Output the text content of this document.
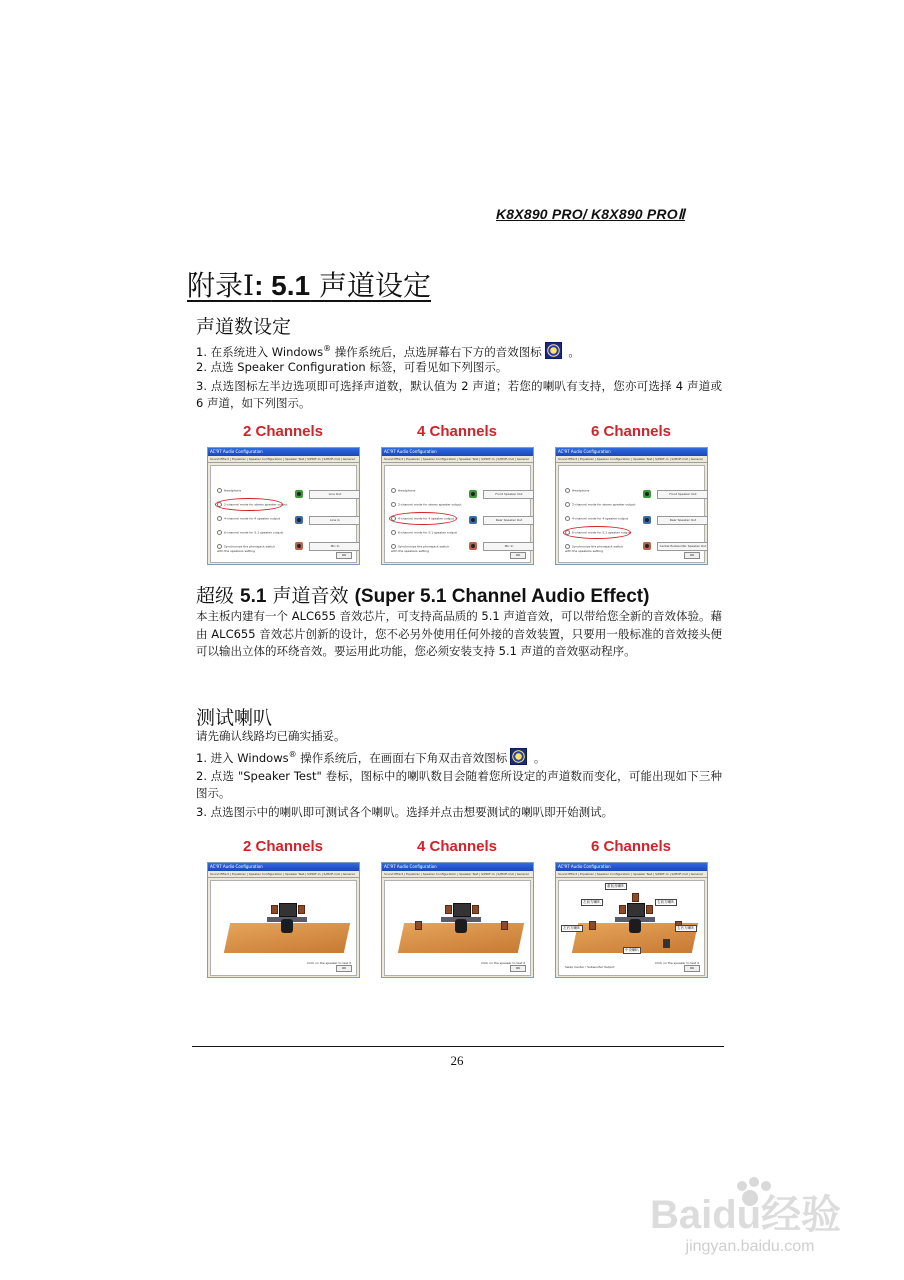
K8X890 PRO/ K8X890 PROⅡ
附录Ⅰ: 5.1 声道设定
声道数设定
1. 在系统进入 Windows® 操作系统后，点选屏幕右下方的音效图标 。
2. 点选 Speaker Configuration 标签，可看见如下列图示。
3. 点选图标左半边选项即可选择声道数，默认值为 2 声道；若您的喇叭有支持，您亦可选择 4 声道或 6 声道，如下列图示。
2 Channels	4 Channels	6 Channels
AC'97 Audio Configuration
Sound Effect | Equalizer | Speaker Configuration | Speaker Test | S/PDIF-In | S/PDIF-Out | General
Headphone
2-channel mode for stereo speaker output
4-channel mode for 4 speaker output
6-channel mode for 5.1 speaker output
Synchronize the phonejack switch with the speakers setting
Line Out
Line In
Mic In
OK
AC'97 Audio Configuration
Sound Effect | Equalizer | Speaker Configuration | Speaker Test | S/PDIF-In | S/PDIF-Out | General
Headphone
2-channel mode for stereo speaker output
4-channel mode for 4 speaker output
6-channel mode for 5.1 speaker output
Synchronize the phonejack switch with the speakers setting
Front Speaker Out
Rear Speaker Out
Mic In
OK
AC'97 Audio Configuration
Sound Effect | Equalizer | Speaker Configuration | Speaker Test | S/PDIF-In | S/PDIF-Out | General
Headphone
2-channel mode for stereo speaker output
4-channel mode for 4 speaker output
6-channel mode for 5.1 speaker output
Synchronize the phonejack switch with the speakers setting
Front Speaker Out
Rear Speaker Out
Center/Subwoofer Speaker Out
OK
超级 5.1 声道音效 (Super 5.1 Channel Audio Effect)
本主板内建有一个 ALC655 音效芯片，可支持高品质的 5.1 声道音效，可以带给您全新的音效体验。藉由 ALC655 音效芯片创新的设计，您不必另外使用任何外接的音效装置，只要用一般标准的音效接头便可以输出立体的环绕音效。要运用此功能，您必须安装支持 5.1 声道的音效驱动程序。
测试喇叭
请先确认线路均已确实插妥。
1. 进入 Windows® 操作系统后，在画面右下角双击音效图标 。
2. 点选 "Speaker Test" 卷标，图标中的喇叭数目会随着您所设定的声道数而变化，可能出现如下三种图示。
3. 点选图示中的喇叭即可测试各个喇叭。选择并点击想要测试的喇叭即开始测试。
2 Channels	4 Channels	6 Channels
AC'97 Audio Configuration
Sound Effect | Equalizer | Speaker Configuration | Speaker Test | S/PDIF-In | S/PDIF-Out | General
Click on the speaker to test it
OK
AC'97 Audio Configuration
Sound Effect | Equalizer | Speaker Configuration | Speaker Test | S/PDIF-In | S/PDIF-Out | General
Click on the speaker to test it
OK
AC'97 Audio Configuration
Sound Effect | Equalizer | Speaker Configuration | Speaker Test | S/PDIF-In | S/PDIF-Out | General
重低音喇叭
左前方喇叭	右前方喇叭
左后方喇叭	右后方喇叭
中央喇叭
Swap Center / Subwoofer Output
Click on the speaker to test it
OK
26
Baidu经验
jingyan.baidu.com
